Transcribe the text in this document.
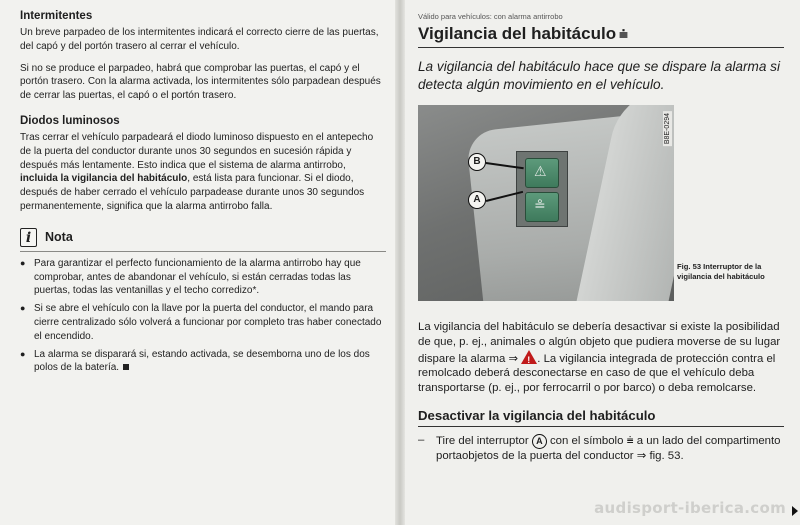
Intermitentes

Un breve parpadeo de los intermitentes indicará el correcto cierre de las puertas, del capó y del portón trasero al cerrar el vehículo.

Si no se produce el parpadeo, habrá que comprobar las puertas, el capó y el portón trasero. Con la alarma activada, los intermitentes sólo parpadean después de cerrar las puertas, el capó o el portón trasero.

Diodos luminosos

Tras cerrar el vehículo parpadeará el diodo luminoso dispuesto en el antepecho de la puerta del conductor durante unos 30 segundos en sucesión rápida y después más lentamente. Esto indica que el sistema de alarma antirrobo, incluida la vigilancia del habitáculo, está lista para funcionar. Si el diodo, después de haber cerrado el vehículo parpadease durante unos 30 segundos permanentemente, significa que la alarma antirrobo falla.

i	Nota
● Para garantizar el perfecto funcionamiento de la alarma antirrobo hay que comprobar, antes de abandonar el vehículo, si están cerradas todas las puertas, todas las ventanillas y el techo corredizo*.
● Si se abre el vehículo con la llave por la puerta del conductor, el mando para cierre centralizado sólo volverá a funcionar por completo tras haber conectado el encendido.
● La alarma se disparará si, estando activada, se desemborna uno de los dos polos de la batería.
Válido para vehículos: con alarma antirrobo
Vigilancia del habitáculo ⩧

La vigilancia del habitáculo hace que se dispare la alarma si detecta algún movimiento en el vehículo.

⚠
≗
B8E-0294
B
A
Fig. 53 Interruptor de la vigilancia del habitáculo

La vigilancia del habitáculo se debería desactivar si existe la posibilidad de que, p. ej., animales o algún objeto que pudiera moverse de su lugar dispare la alarma ⇒ ! . La vigilancia integrada de protección contra el remolcado deberá desconectarse en caso de que el vehículo deba transportarse (p. ej., por ferrocarril o por barco) o deba remolcarse.

Desactivar la vigilancia del habitáculo
–	Tire del interruptor A con el símbolo ⩧ a un lado del compartimento portaobjetos de la puerta del conductor ⇒ fig. 53.
audisport-iberica.com
